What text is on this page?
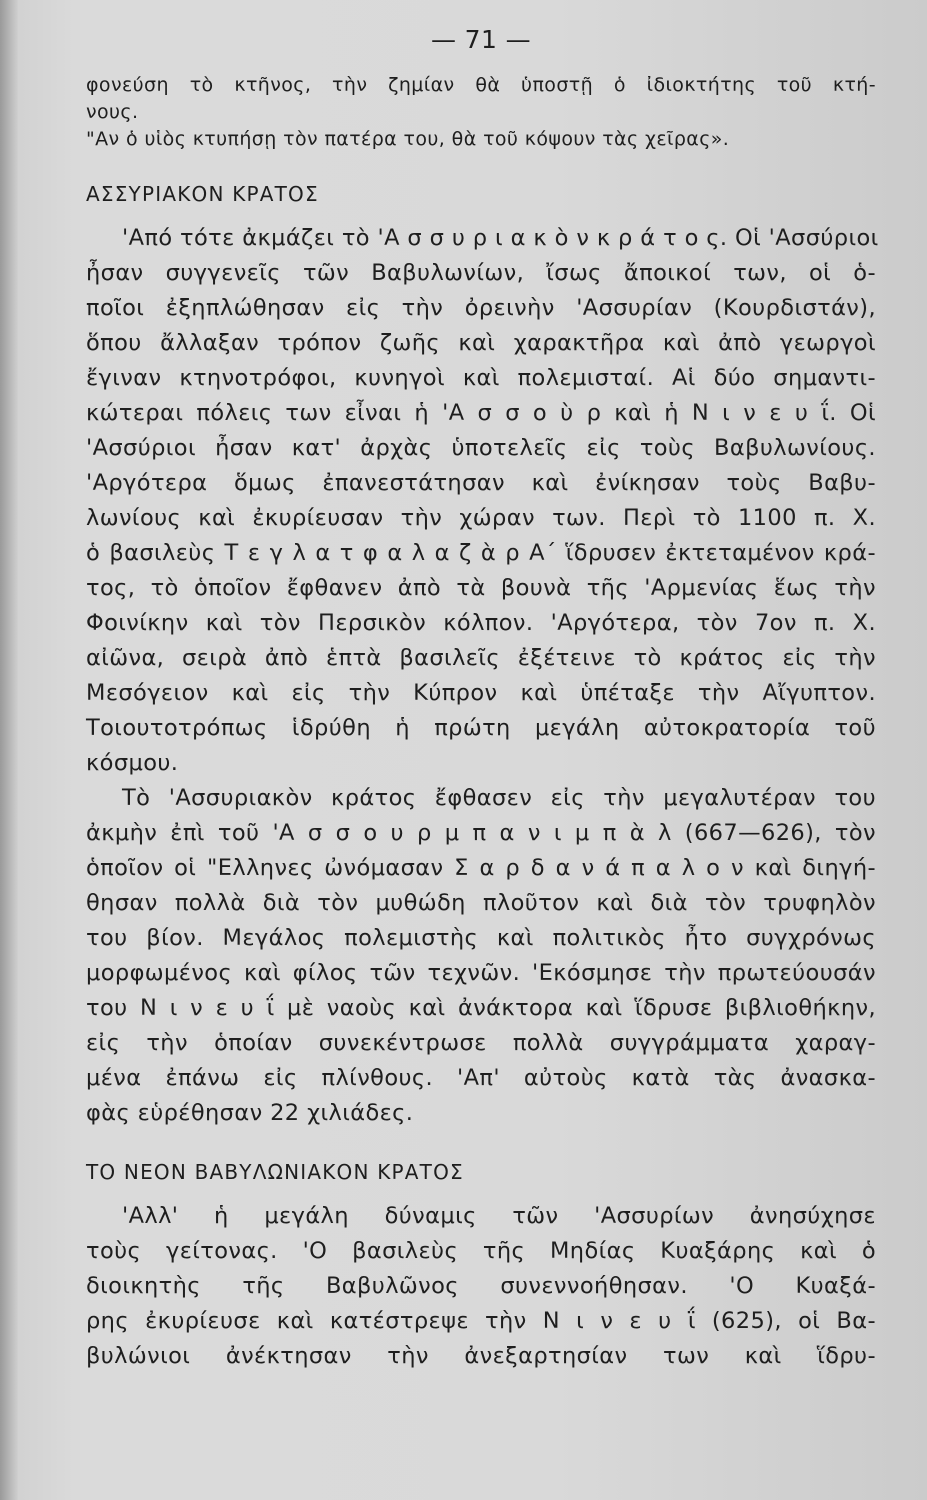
— 71 —
φονεύση τὸ κτῆνος, τὴν ζημίαν θὰ ὑποστῇ ὁ ἰδιοκτήτης τοῦ κτή-
νους.
"Αν ὁ υἱὸς κτυπήσῃ τὸν πατέρα του, θὰ τοῦ κόψουν τὰς χεῖρας».
ΑΣΣΥΡΙΑΚΟΝ ΚΡΑΤΟΣ
'Από τότε ἀκμάζει τὸ 'Α σ σ υ ρ ι α κ ὸ ν κ ρ ά τ ο ς. Οἱ 'Ασσύριοι
ἦσαν συγγενεῖς τῶν Βαβυλωνίων, ἴσως ἄποικοί των, οἱ ὁ-
ποῖοι ἐξηπλώθησαν εἰς τὴν ὀρεινὴν 'Ασσυρίαν (Κουρδιστάν),
ὅπου ἄλλαξαν τρόπον ζωῆς καὶ χαρακτῆρα καὶ ἀπὸ γεωργοὶ
ἔγιναν κτηνοτρόφοι, κυνηγοὶ καὶ πολεμισταί. Αἱ δύο σημαντι-
κώτεραι πόλεις των εἶναι ἡ 'Α σ σ ο ὺ ρ καὶ ἡ Ν ι ν ε υ ΐ. Οἱ
'Ασσύριοι ἦσαν κατ' ἀρχὰς ὑποτελεῖς εἰς τοὺς Βαβυλωνίους.
'Αργότερα ὅμως ἐπανεστάτησαν καὶ ἐνίκησαν τοὺς Βαβυ-
λωνίους καὶ ἐκυρίευσαν τὴν χώραν των. Περὶ τὸ 1100 π. Χ.
ὁ βασιλεὺς Τ ε γ λ α τ φ α λ α ζ ὰ ρ Α΄ ἵδρυσεν ἐκτεταμένον κρά-
τος, τὸ ὁποῖον ἔφθανεν ἀπὸ τὰ βουνὰ τῆς 'Αρμενίας ἕως τὴν
Φοινίκην καὶ τὸν Περσικὸν κόλπον. 'Αργότερα, τὸν 7ον π. Χ.
αἰῶνα, σειρὰ ἀπὸ ἑπτὰ βασιλεῖς ἐξέτεινε τὸ κράτος εἰς τὴν
Μεσόγειον καὶ εἰς τὴν Κύπρον καὶ ὑπέταξε τὴν Αἴγυπτον.
Τοιουτοτρόπως ἱδρύθη ἡ πρώτη μεγάλη αὐτοκρατορία τοῦ
κόσμου.
Τὸ 'Ασσυριακὸν κράτος ἔφθασεν εἰς τὴν μεγαλυτέραν του
ἀκμὴν ἐπὶ τοῦ 'Α σ σ ο υ ρ μ π α ν ι μ π ὰ λ (667—626), τὸν
ὁποῖον οἱ "Ελληνες ὠνόμασαν Σ α ρ δ α ν ά π α λ ο ν καὶ διηγή-
θησαν πολλὰ διὰ τὸν μυθώδη πλοῦτον καὶ διὰ τὸν τρυφηλὸν
του βίον. Μεγάλος πολεμιστὴς καὶ πολιτικὸς ἦτο συγχρόνως
μορφωμένος καὶ φίλος τῶν τεχνῶν. 'Εκόσμησε τὴν πρωτεύουσάν
του Ν ι ν ε υ ΐ μὲ ναοὺς καὶ ἀνάκτορα καὶ ἵδρυσε βιβλιοθήκην,
εἰς τὴν ὁποίαν συνεκέντρωσε πολλὰ συγγράμματα χαραγ-
μένα ἐπάνω εἰς πλίνθους. 'Απ' αὐτοὺς κατὰ τὰς ἀνασκα-
φὰς εὑρέθησαν 22 χιλιάδες.
ΤΟ ΝΕΟΝ ΒΑΒΥΛΩΝΙΑΚΟΝ ΚΡΑΤΟΣ
'Αλλ' ἡ μεγάλη δύναμις τῶν 'Ασσυρίων ἀνησύχησε
τοὺς γείτονας. 'Ο βασιλεὺς τῆς Μηδίας Κυαξάρης καὶ ὁ
διοικητὴς τῆς Βαβυλῶνος συνεννοήθησαν. 'Ο Κυαξά-
ρης ἐκυρίευσε καὶ κατέστρεψε τὴν Ν ι ν ε υ ΐ (625), οἱ Βα-
βυλώνιοι ἀνέκτησαν τὴν ἀνεξαρτησίαν των καὶ ἵδρυ-
